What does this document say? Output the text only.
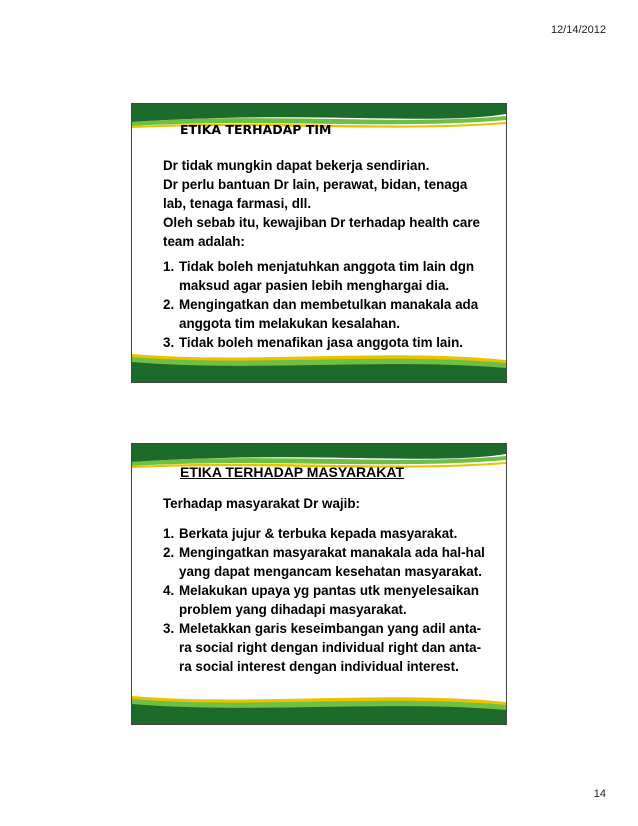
12/14/2012
ETIKA TERHADAP TIM

Dr tidak mungkin dapat bekerja sendirian.

Dr perlu bantuan Dr lain, perawat, bidan, tenaga lab, tenaga farmasi, dll.

Oleh sebab itu, kewajiban Dr terhadap health care team adalah:

1. Tidak boleh menjatuhkan anggota tim lain dgn maksud agar pasien lebih menghargai dia.
2. Mengingatkan dan membetulkan manakala ada anggota tim melakukan kesalahan.
3. Tidak boleh menafikan jasa anggota tim lain.
ETIKA TERHADAP MASYARAKAT

Terhadap masyarakat Dr wajib:

1. Berkata jujur & terbuka kepada masyarakat.
2. Mengingatkan masyarakat manakala ada hal-hal yang dapat mengancam kesehatan masyarakat.
4. Melakukan upaya yg pantas utk menyelesaikan problem yang dihadapi masyarakat.
3. Meletakkan garis keseimbangan yang adil anta-ra social right dengan individual right dan anta-ra social interest dengan individual interest.
14
